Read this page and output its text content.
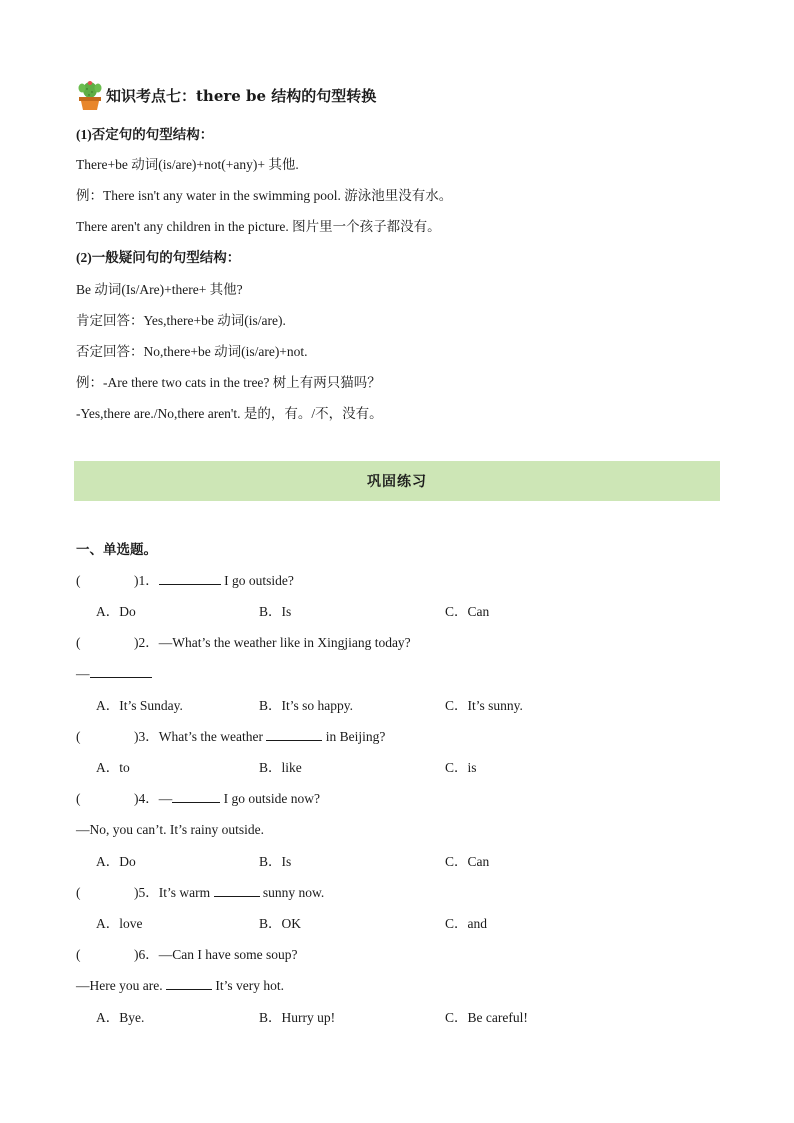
知识考点七：there be 结构的句型转换
(1)否定句的句型结构：
There+be 动词(is/are)+not(+any)+ 其他.
例：There isn't any water in the swimming pool. 游泳池里没有水。
There aren't any children in the picture. 图片里一个孩子都没有。
(2)一般疑问句的句型结构：
Be 动词(Is/Are)+there+ 其他?
肯定回答：Yes,there+be 动词(is/are).
否定回答：No,there+be 动词(is/are)+not.
例：-Are there two cats in the tree? 树上有两只猫吗？
-Yes,there are./No,there aren't. 是的，有。/不，没有。
巩固练习
一、单选题。
(	)1．	I go outside?
A．Do	B．Is	C．Can
(	)2．—What’s the weather like in Xingjiang today?
—
A．It’s Sunday.	B．It’s so happy.	C．It’s sunny.
(	)3．What’s the weather	in Beijing?
A．to	B．like	C．is
(	)4．—	I go outside now?
—No, you can’t. It’s rainy outside.
A．Do	B．Is	C．Can
(	)5．It’s warm	sunny now.
A．love	B．OK	C．and
(	)6．—Can I have some soup?
—Here you are.	It’s very hot.
A．Bye.	B．Hurry up!	C．Be careful!
